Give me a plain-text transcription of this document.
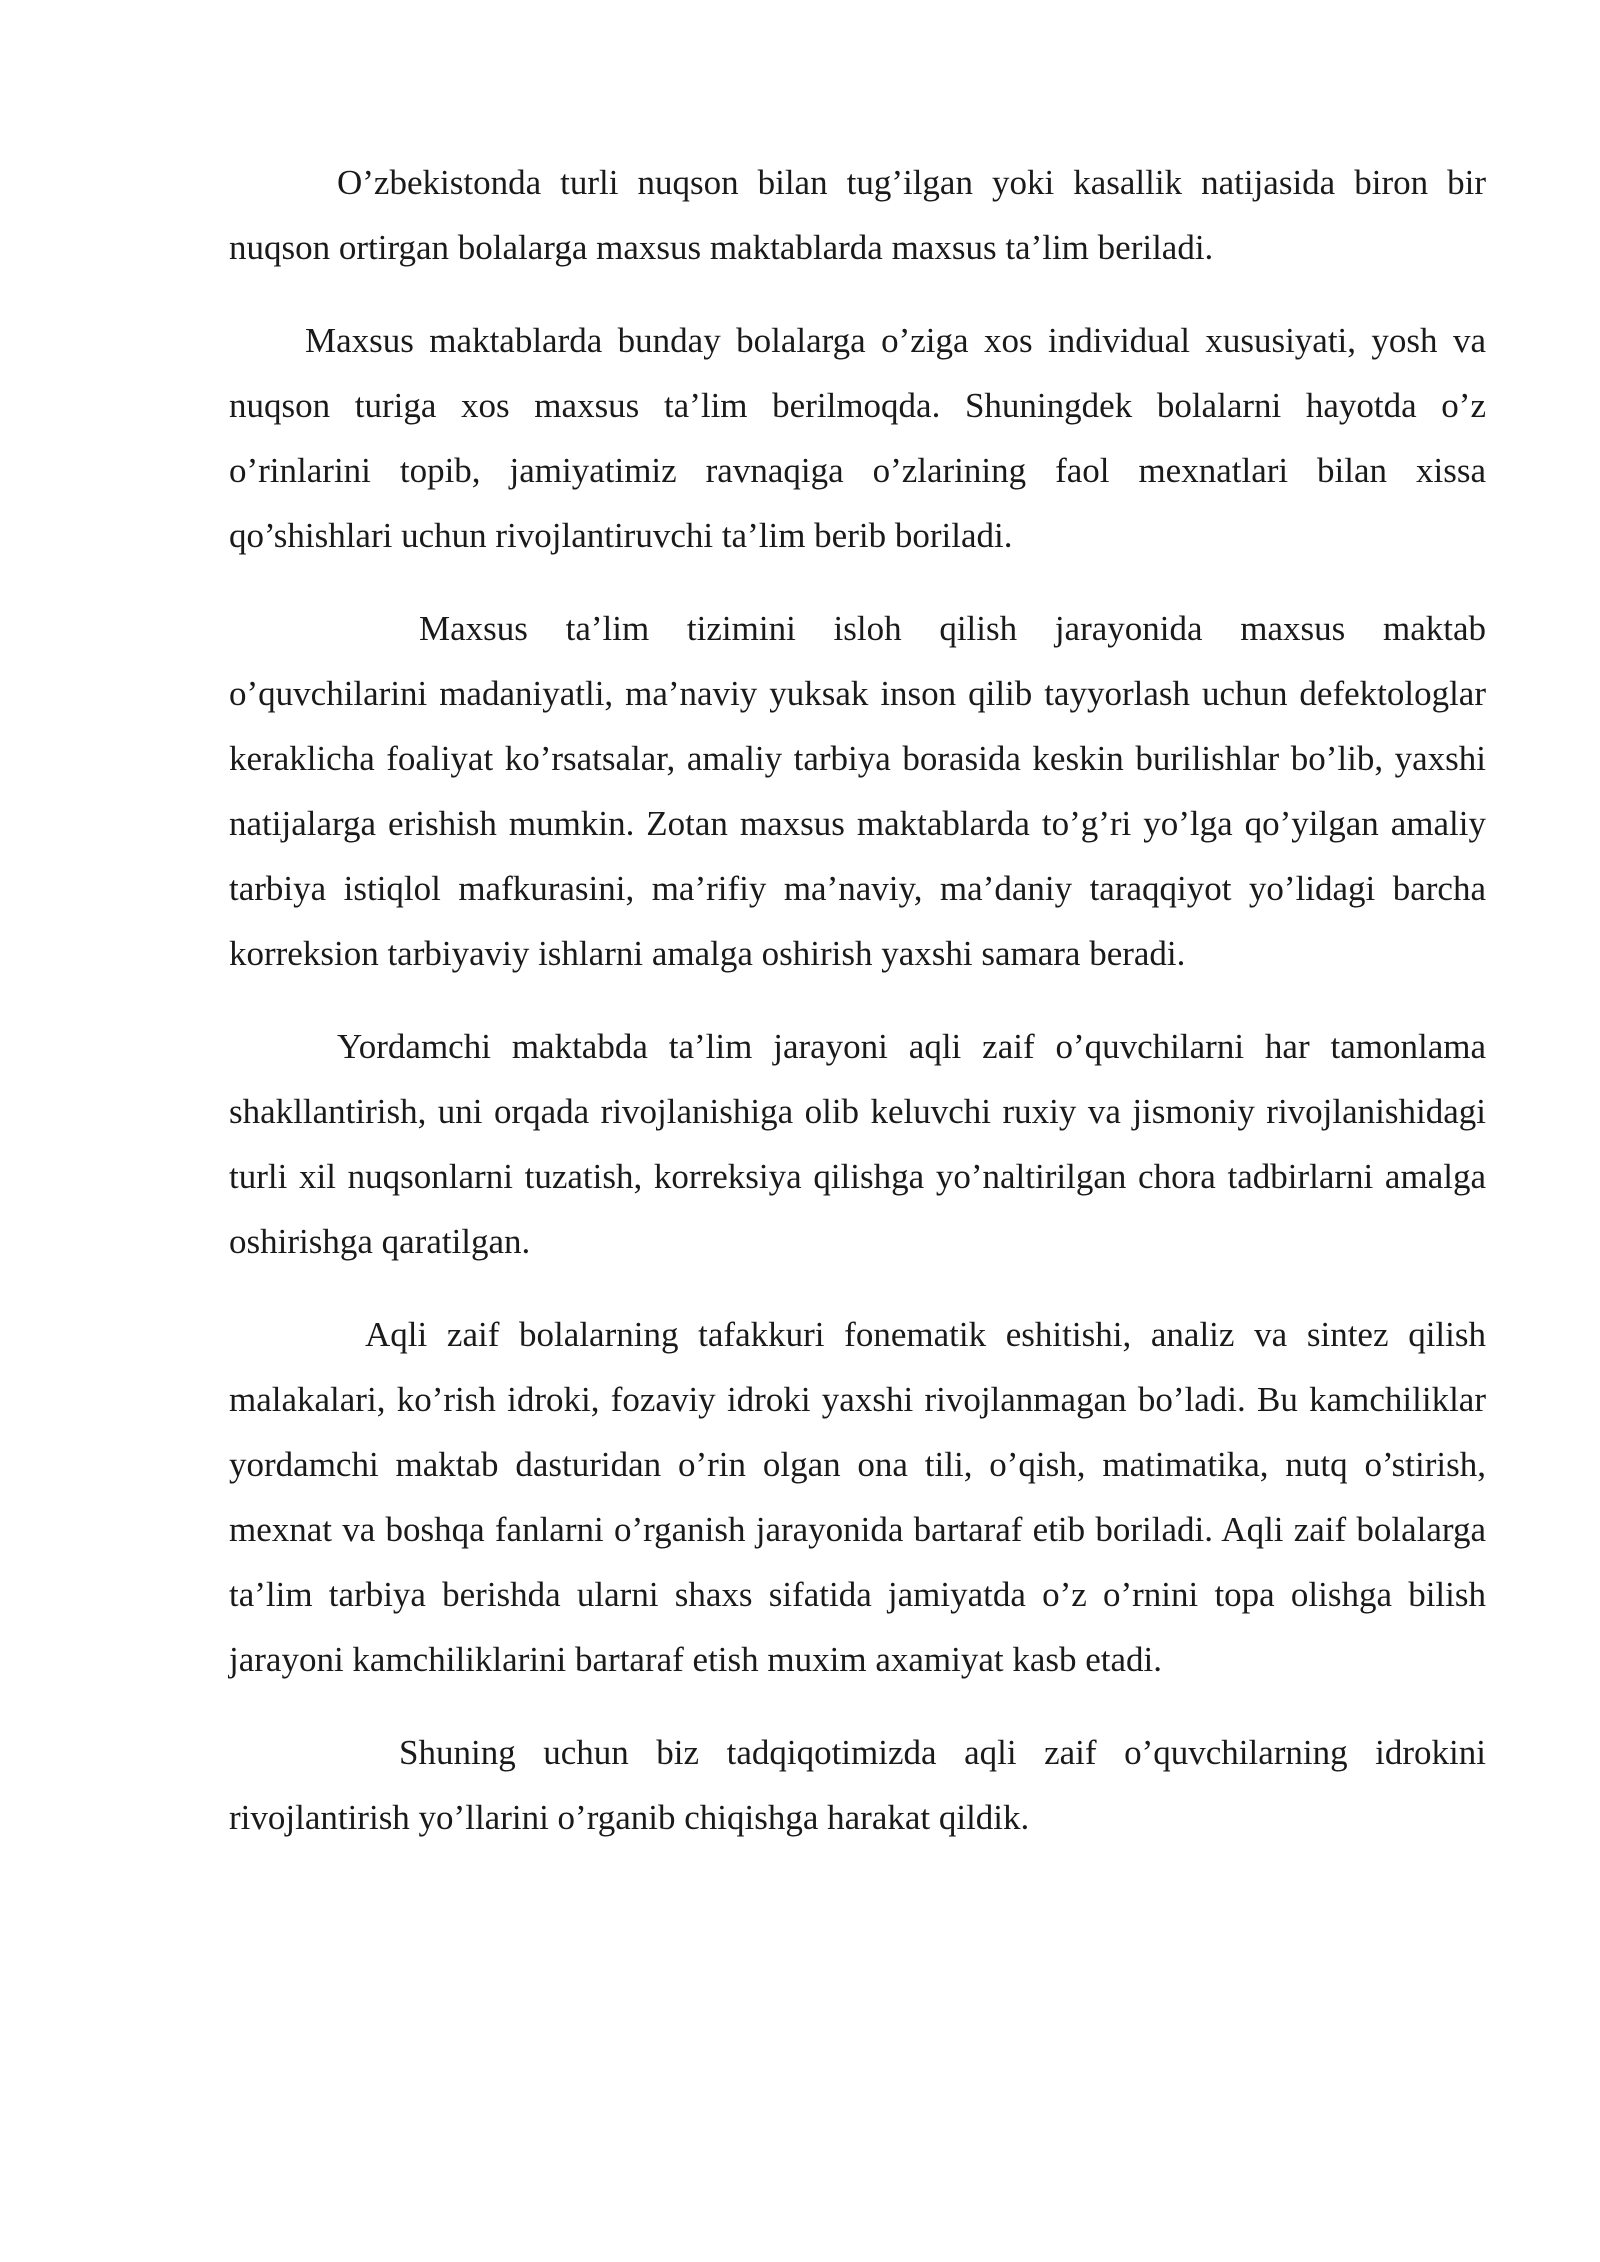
O’zbekistonda turli nuqson bilan tug’ilgan yoki kasallik natijasida biron bir nuqson ortirgan bolalarga maxsus maktablarda maxsus ta’lim beriladi.

Maxsus maktablarda bunday bolalarga o’ziga xos individual xususiyati, yosh va nuqson turiga xos maxsus ta’lim berilmoqda. Shuningdek bolalarni hayotda o’z o’rinlarini topib, jamiyatimiz ravnaqiga o’zlarining faol mexnatlari bilan xissa qo’shishlari uchun rivojlantiruvchi ta’lim berib boriladi.

Maxsus ta’lim tizimini isloh qilish jarayonida maxsus maktab o’quvchilarini madaniyatli, ma’naviy yuksak inson qilib tayyorlash uchun defektologlar keraklicha foaliyat ko’rsatsalar, amaliy tarbiya borasida keskin burilishlar bo’lib, yaxshi natijalarga erishish mumkin. Zotan maxsus maktablarda to’g’ri yo’lga qo’yilgan amaliy tarbiya istiqlol mafkurasini, ma’rifiy ma’naviy, ma’daniy taraqqiyot yo’lidagi barcha korreksion tarbiyaviy ishlarni amalga oshirish yaxshi samara beradi.

Yordamchi maktabda ta’lim jarayoni aqli zaif o’quvchilarni har tamonlama shakllantirish, uni orqada rivojlanishiga olib keluvchi ruxiy va jismoniy rivojlanishidagi turli xil nuqsonlarni tuzatish, korreksiya qilishga yo’naltirilgan chora tadbirlarni amalga oshirishga qaratilgan.

Aqli zaif bolalarning tafakkuri fonematik eshitishi, analiz va sintez qilish malakalari, ko’rish idroki, fozaviy idroki yaxshi rivojlanmagan bo’ladi. Bu kamchiliklar yordamchi maktab dasturidan o’rin olgan ona tili, o’qish, matimatika, nutq o’stirish, mexnat va boshqa fanlarni o’rganish jarayonida bartaraf etib boriladi. Aqli zaif bolalarga ta’lim tarbiya berishda ularni shaxs sifatida jamiyatda o’z o’rnini topa olishga bilish jarayoni kamchiliklarini bartaraf etish muxim axamiyat kasb etadi.

Shuning uchun biz tadqiqotimizda aqli zaif o’quvchilarning idrokini rivojlantirish yo’llarini o’rganib chiqishga harakat qildik.
